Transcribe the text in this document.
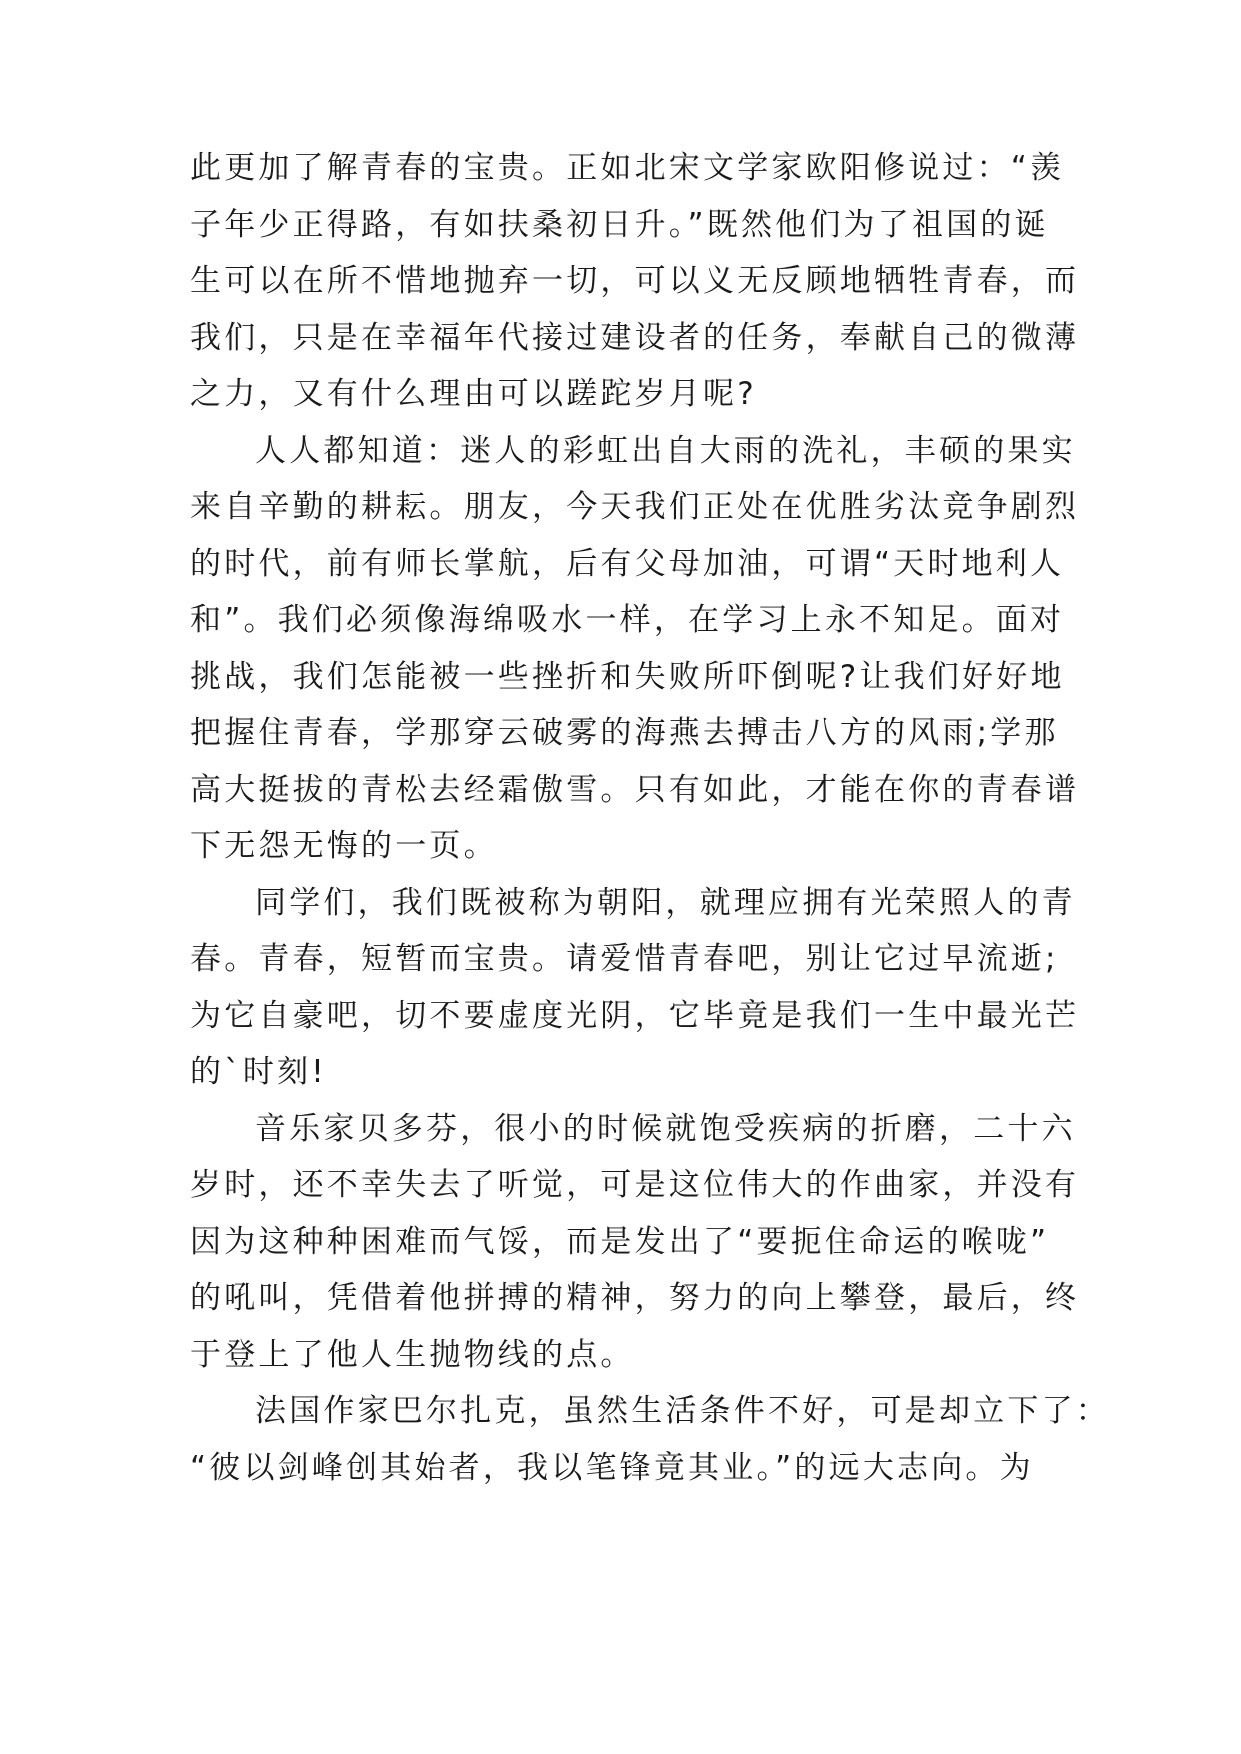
此更加了解青春的宝贵。正如北宋文学家欧阳修说过：“羡
子年少正得路，有如扶桑初日升。”既然他们为了祖国的诞
生可以在所不惜地抛弃一切，可以义无反顾地牺牲青春，而
我们，只是在幸福年代接过建设者的任务，奉献自己的微薄
之力，又有什么理由可以蹉跎岁月呢?
人人都知道：迷人的彩虹出自大雨的洗礼，丰硕的果实
来自辛勤的耕耘。朋友，今天我们正处在优胜劣汰竞争剧烈
的时代，前有师长掌航，后有父母加油，可谓“天时地利人
和”。我们必须像海绵吸水一样，在学习上永不知足。面对
挑战，我们怎能被一些挫折和失败所吓倒呢?让我们好好地
把握住青春，学那穿云破雾的海燕去搏击八方的风雨;学那
高大挺拔的青松去经霜傲雪。只有如此，才能在你的青春谱
下无怨无悔的一页。
同学们，我们既被称为朝阳，就理应拥有光荣照人的青
春。青春，短暂而宝贵。请爱惜青春吧，别让它过早流逝;
为它自豪吧，切不要虚度光阴，它毕竟是我们一生中最光芒
的`时刻!
音乐家贝多芬，很小的时候就饱受疾病的折磨，二十六
岁时，还不幸失去了听觉，可是这位伟大的作曲家，并没有
因为这种种困难而气馁，而是发出了“要扼住命运的喉咙”
的吼叫，凭借着他拼搏的精神，努力的向上攀登，最后，终
于登上了他人生抛物线的点。
法国作家巴尔扎克，虽然生活条件不好，可是却立下了：
“彼以剑峰创其始者，我以笔锋竟其业。”的远大志向。为
